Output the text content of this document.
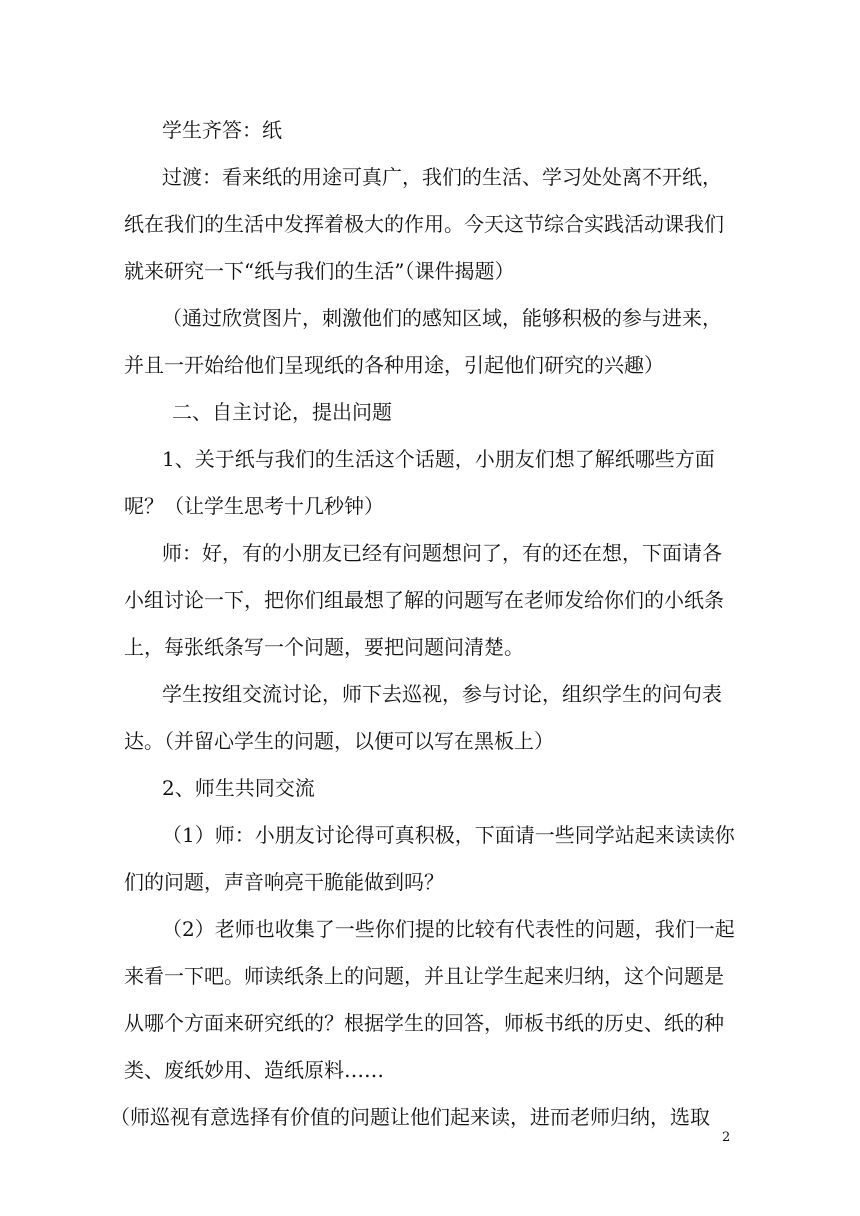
学生齐答：纸
过渡：看来纸的用途可真广，我们的生活、学习处处离不开纸，
纸在我们的生活中发挥着极大的作用。今天这节综合实践活动课我们
就来研究一下“纸与我们的生活”（课件揭题）
（通过欣赏图片，刺激他们的感知区域，能够积极的参与进来，
并且一开始给他们呈现纸的各种用途，引起他们研究的兴趣）
二、自主讨论，提出问题
1、关于纸与我们的生活这个话题，小朋友们想了解纸哪些方面
呢？（让学生思考十几秒钟）
师：好，有的小朋友已经有问题想问了，有的还在想，下面请各
小组讨论一下，把你们组最想了解的问题写在老师发给你们的小纸条
上，每张纸条写一个问题，要把问题问清楚。
学生按组交流讨论，师下去巡视，参与讨论，组织学生的问句表
达。（并留心学生的问题，以便可以写在黑板上）
2、师生共同交流
（1）师：小朋友讨论得可真积极，下面请一些同学站起来读读你
们的问题，声音响亮干脆能做到吗？
（2）老师也收集了一些你们提的比较有代表性的问题，我们一起
来看一下吧。师读纸条上的问题，并且让学生起来归纳，这个问题是
从哪个方面来研究纸的？根据学生的回答，师板书纸的历史、纸的种
类、废纸妙用、造纸原料……
（师巡视有意选择有价值的问题让他们起来读，进而老师归纳，选取
2
